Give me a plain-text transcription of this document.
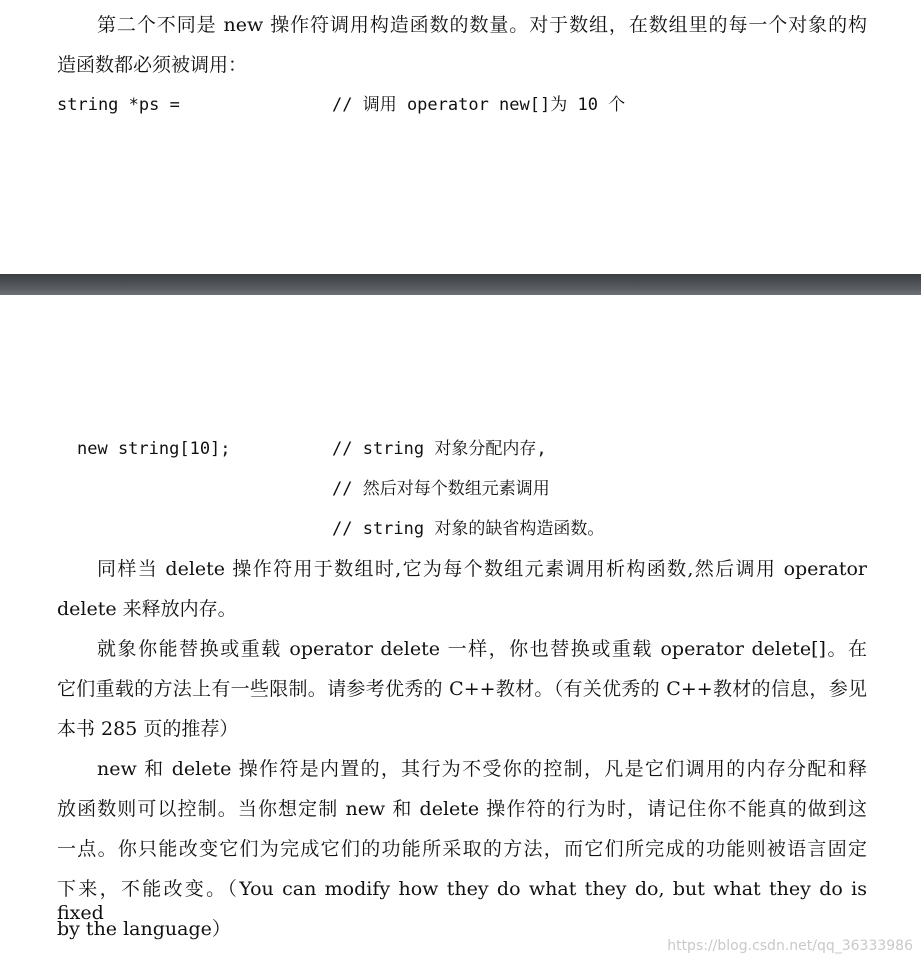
第二个不同是 new 操作符调用构造函数的数量。对于数组，在数组里的每一个对象的构
造函数都必须被调用：
string *ps =	// 调用 operator new[]为 10 个
new string[10];	// string 对象分配内存,
// 然后对每个数组元素调用
// string 对象的缺省构造函数。
同样当 delete 操作符用于数组时,它为每个数组元素调用析构函数,然后调用 operator
delete 来释放内存。
就象你能替换或重载 operator delete 一样，你也替换或重载 operator delete[]。在
它们重载的方法上有一些限制。请参考优秀的 C++教材。（有关优秀的 C++教材的信息，参见
本书 285 页的推荐）
new 和 delete 操作符是内置的，其行为不受你的控制，凡是它们调用的内存分配和释
放函数则可以控制。当你想定制 new 和 delete 操作符的行为时，请记住你不能真的做到这
一点。你只能改变它们为完成它们的功能所采取的方法，而它们所完成的功能则被语言固定
下来，不能改变。（You can modify how they do what they do, but what they do is fixed
by the language）
https://blog.csdn.net/qq_36333986
